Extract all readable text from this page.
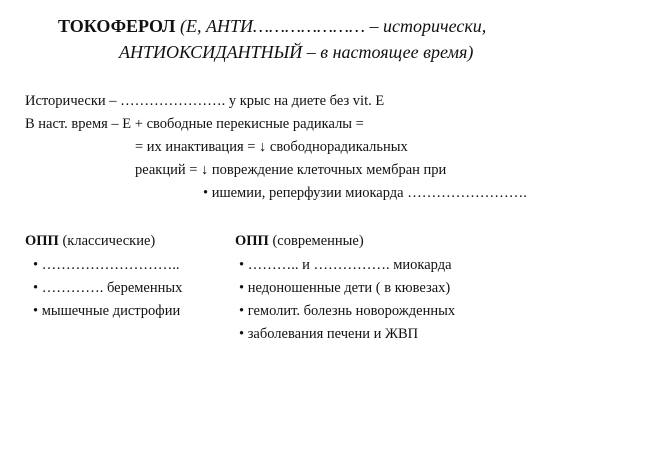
ТОКОФЕРОЛ (Е, АНТИ………………… – исторически,
АНТИОКСИДАНТНЫЙ – в настоящее время)
Исторически – …………………. у крыс на диете без vit. Е
В наст. время – Е + свободные перекисные радикалы =
= их инактивация = ↓ свободнорадикальных
реакций = ↓ повреждение клеточных мембран при
• ишемии, реперфузии миокарда …………………….
ОПП (классические)	ОПП (современные)
• ………………………..
• …………. беременных
• мышечные дистрофии
• ……….. и ……………. миокарда
• недоношенные дети ( в кювезах)
• гемолит. болезнь новорожденных
• заболевания печени и ЖВП
